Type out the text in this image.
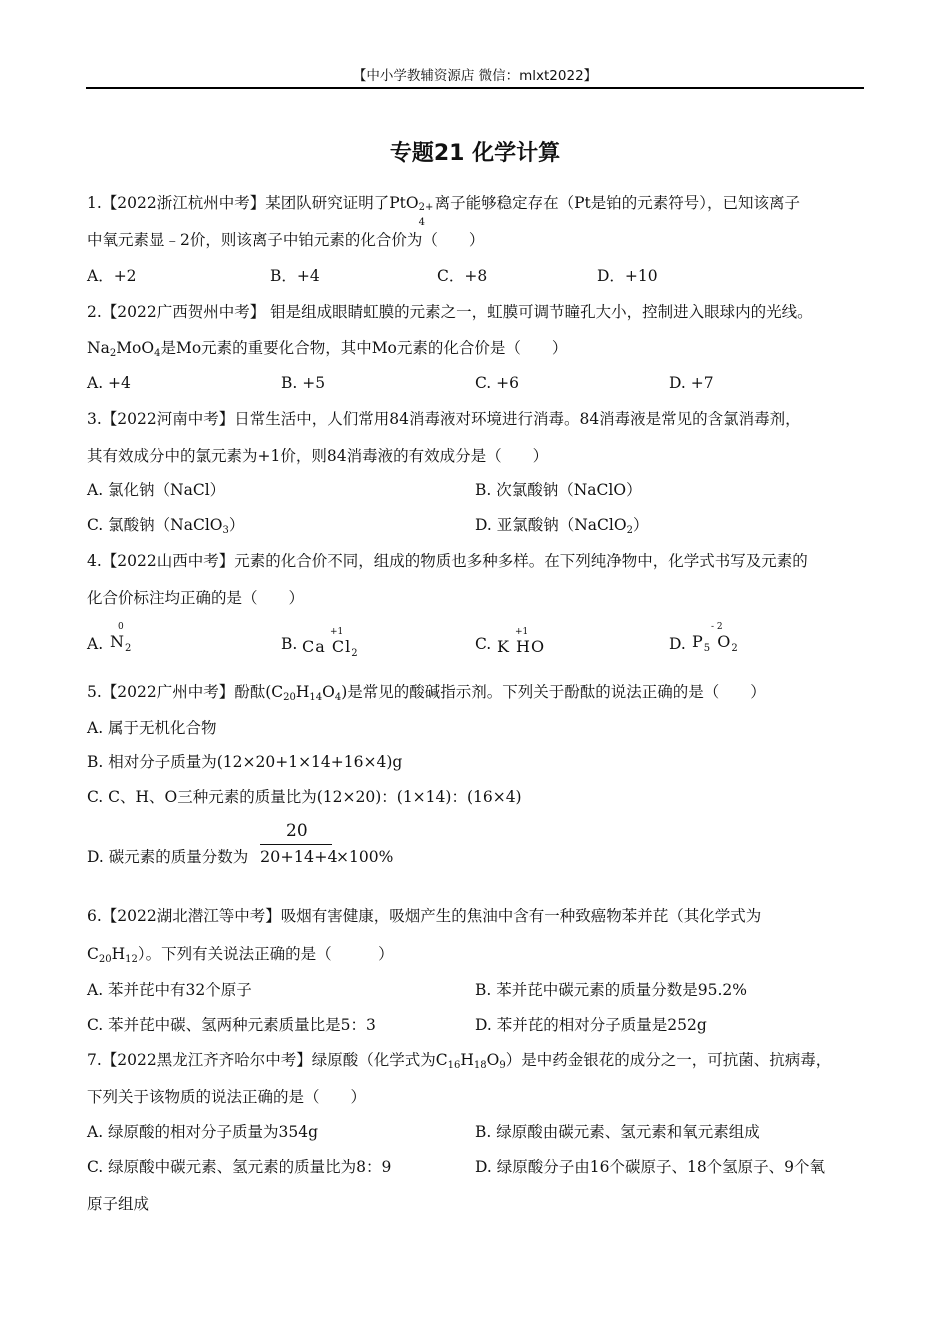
【中小学教辅资源店 微信：mlxt2022】
专题21 化学计算
1.【2022浙江杭州中考】某团队研究证明了PtO 2+
4
离子能够稳定存在（Pt是铂的元素符号），已知该离子
中氧元素显﹣2价，则该离子中铂元素的化合价为（　　）
A．+2	B．+4	C．+8	D．+10
2.【2022广西贺州中考】 钼是组成眼睛虹膜的元素之一，虹膜可调节瞳孔大小，控制进入眼球内的光线。
$Na_2MoO_4$是Mo元素的重要化合物，其中Mo元素的化合价是（　　）
A. +4	B. +5	C. +6	D. +7
3.【2022河南中考】日常生活中，人们常用84消毒液对环境进行消毒。84消毒液是常见的含氯消毒剂，
其有效成分中的氯元素为+1价，则84消毒液的有效成分是（　　）
A. 氯化钠（NaCl）	B. 次氯酸钠（NaClO）
C. 氯酸钠（NaClO$_3$）	D. 亚氯酸钠（NaClO$_2$）
4.【2022山西中考】元素的化合价不同，组成的物质也多种多样。在下列纯净物中，化学式书写及元素的
化合价标注均正确的是（　　）
A.
0
$N_2$	B.
+1
Ca $Cl_2$
C.
+1
K HO	D.
- 2
$P_5$ $O_2$
5.【2022广州中考】酚酞$(C_{20}H_{14}O_4)$是常见的酸碱指示剂。下列关于酚酞的说法正确的是（　　）
A. 属于无机化合物
B. 相对分子质量为(12×20+1×14+16×4)g
C. C、H、O三种元素的质量比为(12×20)：(1×14)：(16×4)
D. 碳元素的质量分数为
20
20+14+4
×100%
6.【2022湖北潜江等中考】吸烟有害健康，吸烟产生的焦油中含有一种致癌物苯并芘（其化学式为
$C_{20}H_{12}$）。下列有关说法正确的是（　　　）
A. 苯并芘中有32个原子	B. 苯并芘中碳元素的质量分数是95.2%
C. 苯并芘中碳、氢两种元素质量比是5：3	D. 苯并芘的相对分子质量是252g
7.【2022黑龙江齐齐哈尔中考】绿原酸（化学式为$C_{16}H_{18}O_9$）是中药金银花的成分之一，可抗菌、抗病毒，
下列关于该物质的说法正确的是（　　）
A. 绿原酸的相对分子质量为354g	B. 绿原酸由碳元素、氢元素和氧元素组成
C. 绿原酸中碳元素、氢元素的质量比为8：9	D. 绿原酸分子由16个碳原子、18个氢原子、9个氧
原子组成
